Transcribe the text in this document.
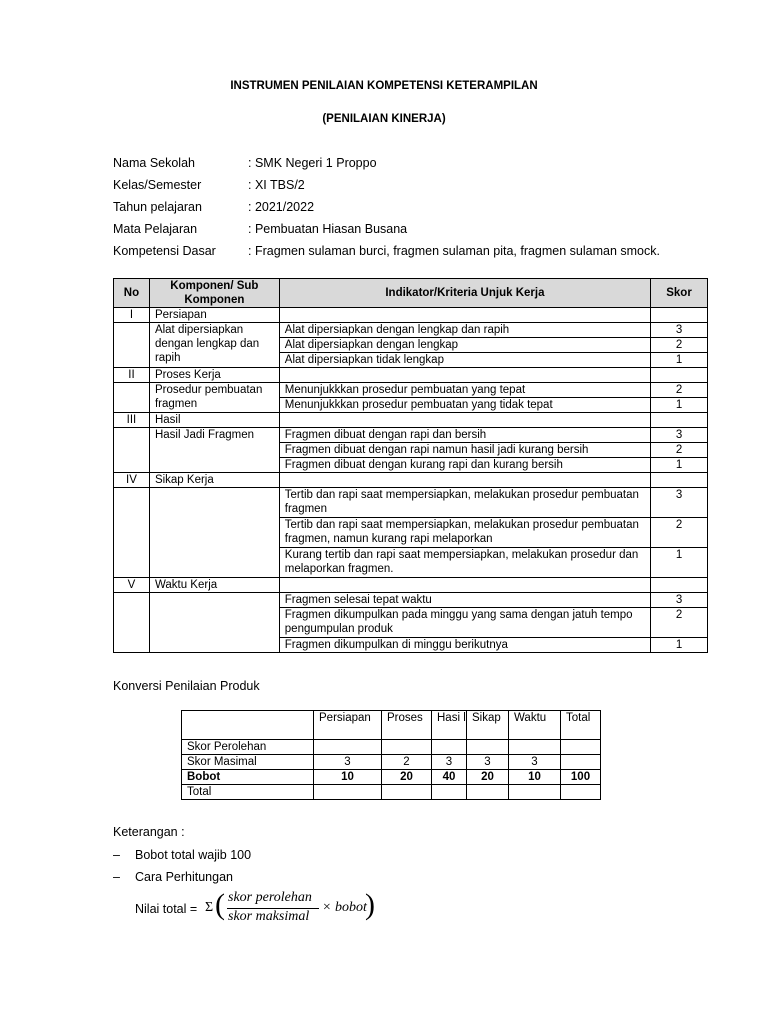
INSTRUMEN PENILAIAN KOMPETENSI KETERAMPILAN
(PENILAIAN KINERJA)
Nama Sekolah	: SMK Negeri 1 Proppo
Kelas/Semester	: XI TBS/2
Tahun pelajaran	: 2021/2022
Mata Pelajaran	: Pembuatan Hiasan Busana
Kompetensi Dasar	: Fragmen sulaman burci, fragmen sulaman pita, fragmen sulaman smock.
No	Komponen/ Sub Komponen	Indikator/Kriteria Unjuk Kerja	Skor
I	Persiapan		
	Alat dipersiapkan dengan lengkap dan rapih	Alat dipersiapkan dengan lengkap dan rapih	3
		Alat dipersiapkan dengan lengkap	2
		Alat dipersiapkan tidak lengkap	1
II	Proses Kerja		
	Prosedur pembuatan fragmen	Menunjukkkan prosedur pembuatan yang tepat	2
		Menunjukkkan prosedur pembuatan yang tidak tepat	1
III	Hasil		
	Hasil Jadi Fragmen	Fragmen dibuat dengan rapi dan bersih	3
		Fragmen dibuat dengan rapi namun hasil jadi kurang bersih	2
		Fragmen dibuat dengan kurang rapi dan kurang bersih	1
IV	Sikap Kerja		
		Tertib dan rapi saat mempersiapkan, melakukan prosedur pembuatan fragmen	3
		Tertib dan rapi saat mempersiapkan, melakukan prosedur pembuatan fragmen, namun kurang rapi melaporkan	2
		Kurang tertib dan rapi saat mempersiapkan, melakukan prosedur dan melaporkan fragmen.	1
V	Waktu Kerja		
		Fragmen selesai tepat waktu	3
		Fragmen dikumpulkan pada minggu yang sama dengan jatuh tempo pengumpulan produk	2
		Fragmen dikumpulkan di minggu berikutnya	1
Konversi Penilaian Produk
	Persiapan	Proses	Hasi l	Sikap	Waktu	Total
Skor Perolehan						
Skor Masimal	3	2	3	3	3	
Bobot	10	20	40	20	10	100
Total						
Keterangan :
– Bobot total wajib 100
– Cara Perhitungan
Nilai total = Σ ( skor perolehan
skor maksimal
× bobot
)
